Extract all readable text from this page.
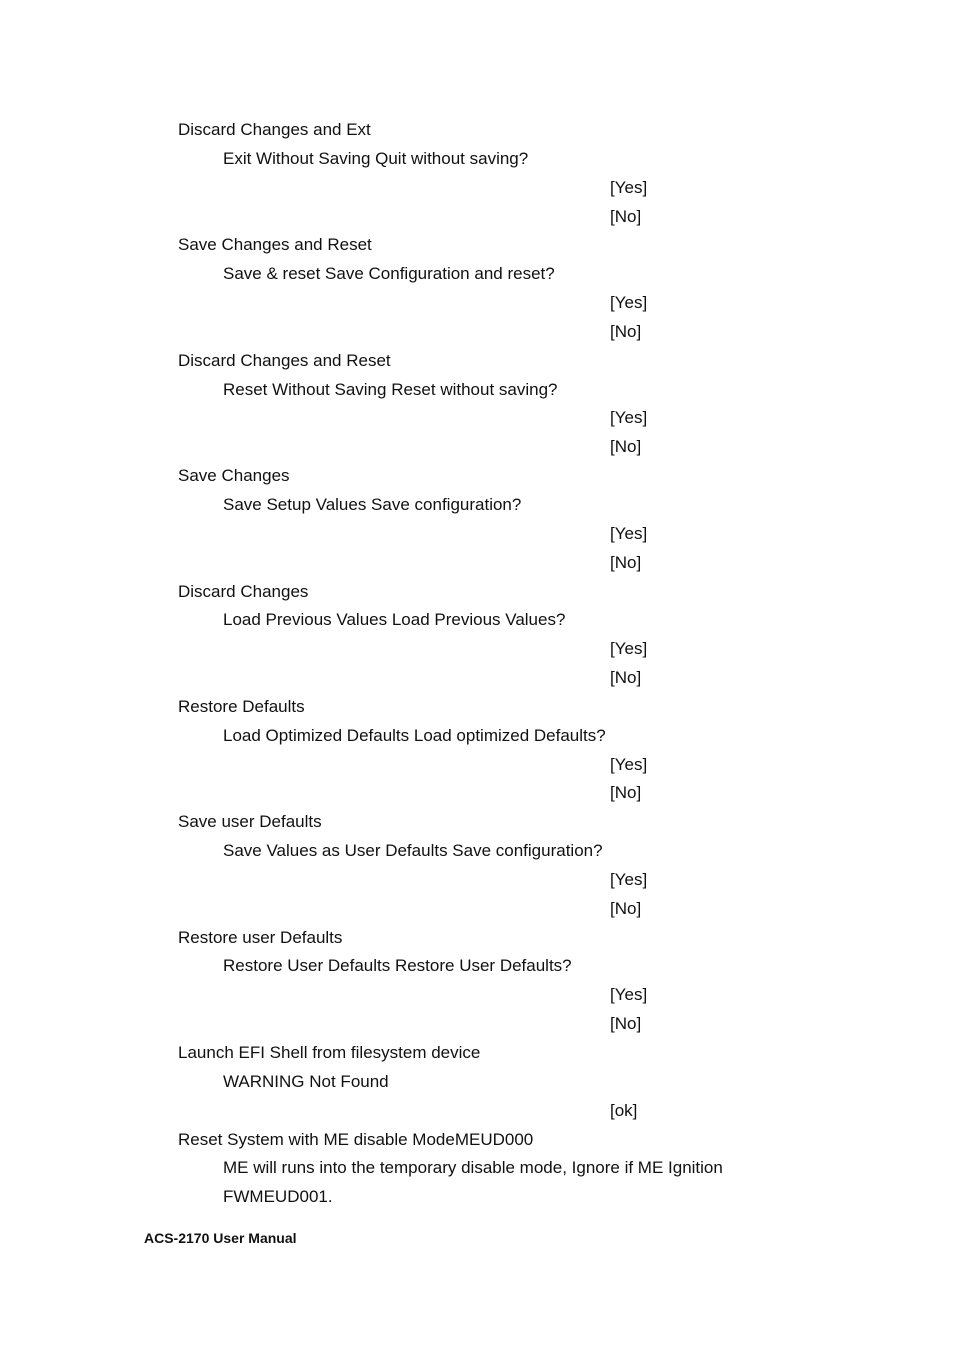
Discard Changes and Ext
Exit Without Saving Quit without saving?
[Yes]
[No]
Save Changes and Reset
Save & reset Save Configuration and reset?
[Yes]
[No]
Discard Changes and Reset
Reset Without Saving Reset without saving?
[Yes]
[No]
Save Changes
Save Setup Values Save configuration?
[Yes]
[No]
Discard Changes
Load Previous Values Load Previous Values?
[Yes]
[No]
Restore Defaults
Load Optimized Defaults Load optimized Defaults?
[Yes]
[No]
Save user Defaults
Save Values as User Defaults Save configuration?
[Yes]
[No]
Restore user Defaults
Restore User Defaults Restore User Defaults?
[Yes]
[No]
Launch EFI Shell from filesystem device
WARNING Not Found
[ok]
Reset System with ME disable ModeMEUD000
ME will runs into the temporary disable mode, Ignore if ME Ignition
FWMEUD001.
ACS-2170 User Manual
